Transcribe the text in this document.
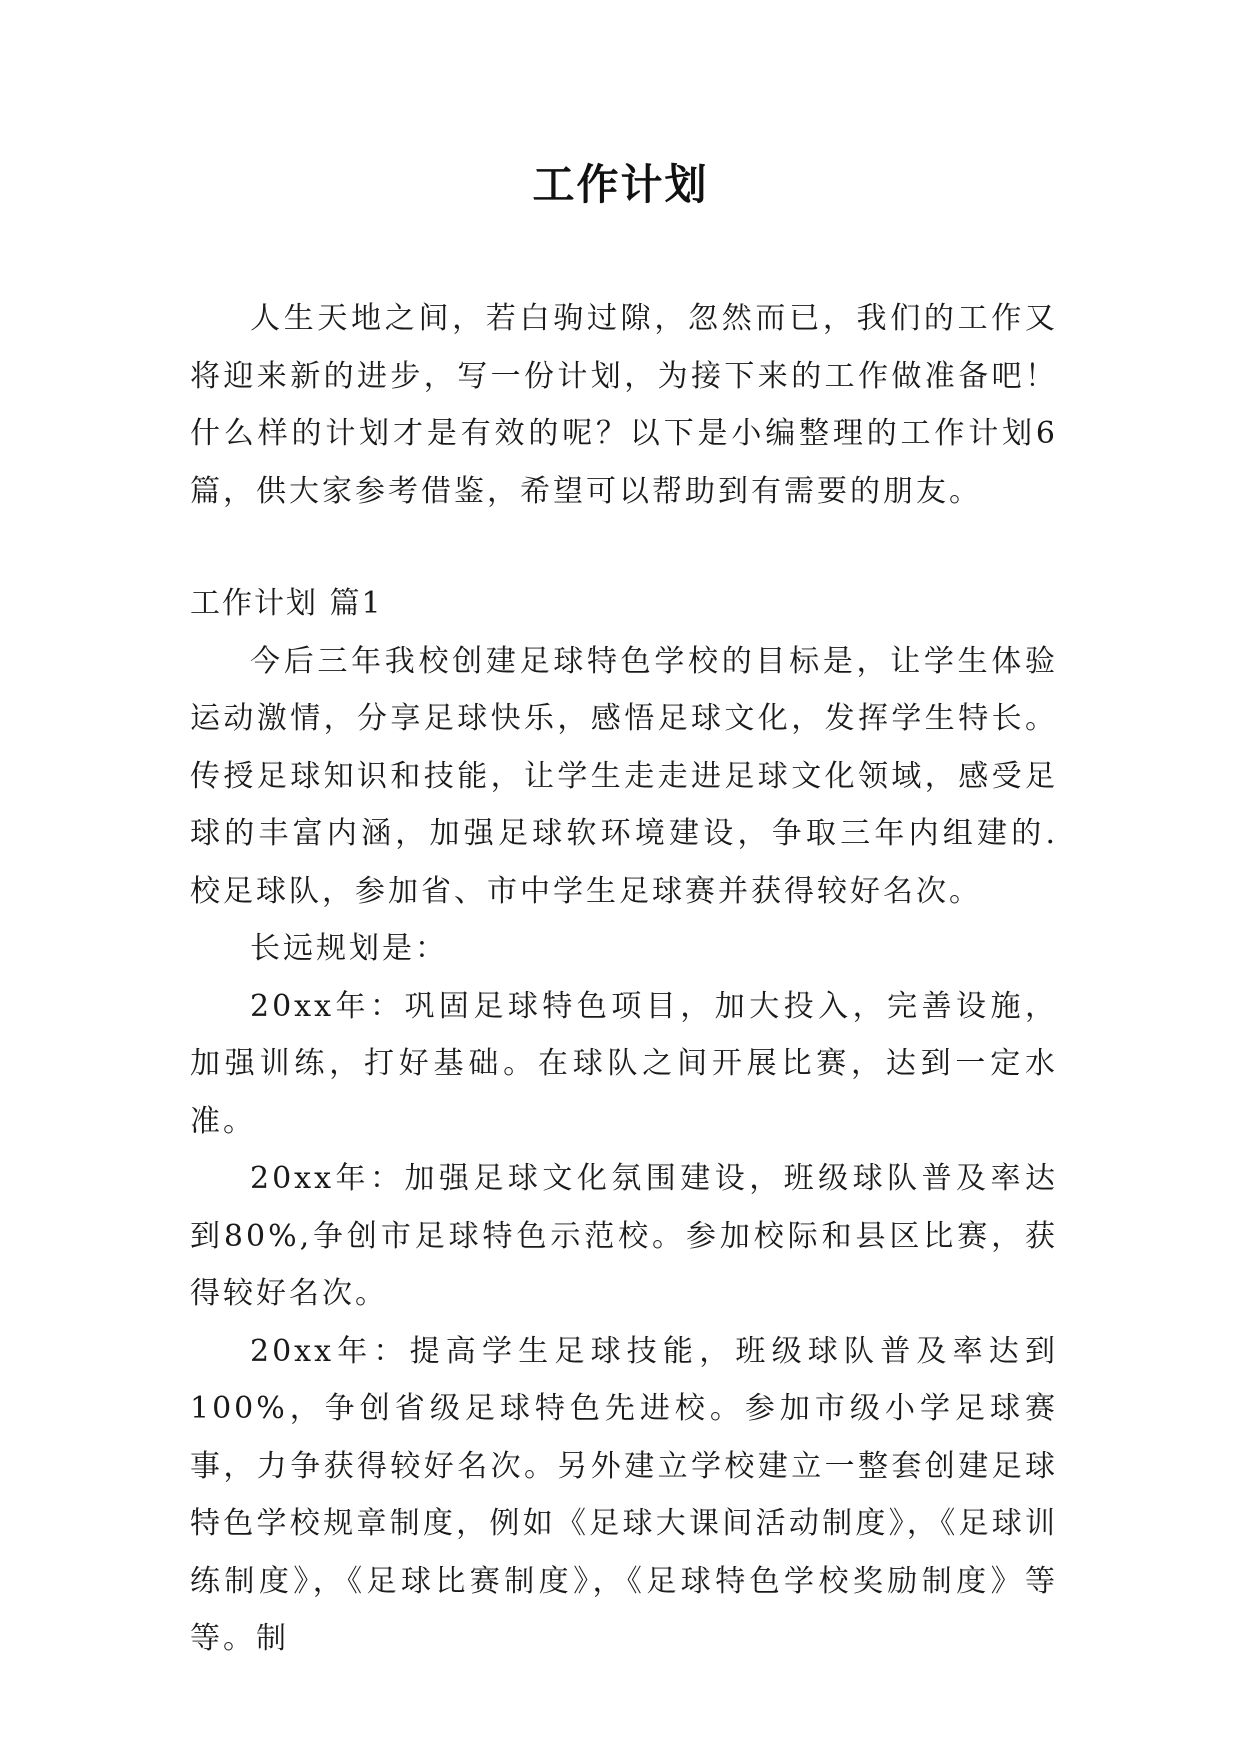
工作计划

人生天地之间，若白驹过隙，忽然而已，我们的工作又将迎来新的进步，写一份计划，为接下来的工作做准备吧！什么样的计划才是有效的呢？以下是小编整理的工作计划6篇，供大家参考借鉴，希望可以帮助到有需要的朋友。

工作计划 篇1

今后三年我校创建足球特色学校的目标是，让学生体验运动激情，分享足球快乐，感悟足球文化，发挥学生特长。传授足球知识和技能，让学生走走进足球文化领域，感受足球的丰富内涵，加强足球软环境建设，争取三年内组建的.校足球队，参加省、市中学生足球赛并获得较好名次。

长远规划是：

20xx年：巩固足球特色项目，加大投入，完善设施，加强训练，打好基础。在球队之间开展比赛，达到一定水准。

20xx年：加强足球文化氛围建设，班级球队普及率达到80%,争创市足球特色示范校。参加校际和县区比赛，获得较好名次。

20xx年：提高学生足球技能，班级球队普及率达到100%，争创省级足球特色先进校。参加市级小学足球赛事，力争获得较好名次。另外建立学校建立一整套创建足球特色学校规章制度，例如《足球大课间活动制度》，《足球训练制度》，《足球比赛制度》，《足球特色学校奖励制度》等等。制
